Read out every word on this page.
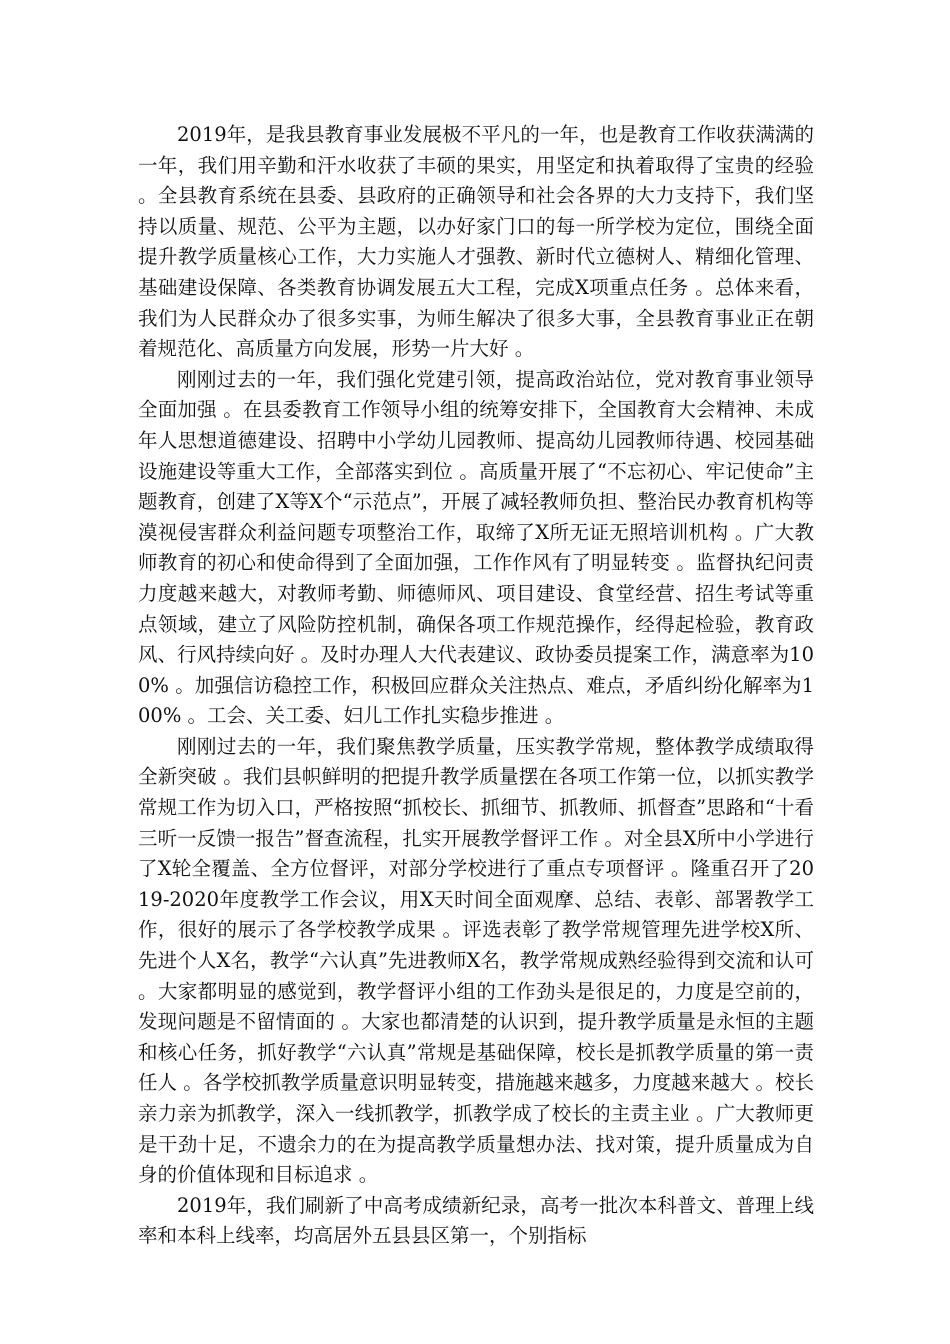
2019年，是我县教育事业发展极不平凡的一年，也是教育工作收获满满的一年，我们用辛勤和汗水收获了丰硕的果实，用坚定和执着取得了宝贵的经验 。全县教育系统在县委、县政府的正确领导和社会各界的大力支持下，我们坚持以质量、规范、公平为主题，以办好家门口的每一所学校为定位，围绕全面提升教学质量核心工作，大力实施人才强教、新时代立德树人、精细化管理、基础建设保障、各类教育协调发展五大工程，完成X项重点任务 。总体来看，我们为人民群众办了很多实事，为师生解决了很多大事，全县教育事业正在朝着规范化、高质量方向发展，形势一片大好 。

刚刚过去的一年，我们强化党建引领，提高政治站位，党对教育事业领导全面加强 。在县委教育工作领导小组的统筹安排下，全国教育大会精神、未成年人思想道德建设、招聘中小学幼儿园教师、提高幼儿园教师待遇、校园基础设施建设等重大工作，全部落实到位 。高质量开展了“不忘初心、牢记使命”主题教育，创建了X等X个“示范点”，开展了减轻教师负担、整治民办教育机构等漠视侵害群众利益问题专项整治工作，取缔了X所无证无照培训机构 。广大教师教育的初心和使命得到了全面加强，工作作风有了明显转变 。监督执纪问责力度越来越大，对教师考勤、师德师风、项目建设、食堂经营、招生考试等重点领域，建立了风险防控机制，确保各项工作规范操作，经得起检验，教育政风、行风持续向好 。及时办理人大代表建议、政协委员提案工作，满意率为100% 。加强信访稳控工作，积极回应群众关注热点、难点，矛盾纠纷化解率为100% 。工会、关工委、妇儿工作扎实稳步推进 。

刚刚过去的一年，我们聚焦教学质量，压实教学常规，整体教学成绩取得全新突破 。我们县帜鲜明的把提升教学质量摆在各项工作第一位，以抓实教学常规工作为切入口，严格按照“抓校长、抓细节、抓教师、抓督查”思路和“十看三听一反馈一报告”督查流程，扎实开展教学督评工作 。对全县X所中小学进行了X轮全覆盖、全方位督评，对部分学校进行了重点专项督评 。隆重召开了2019-2020年度教学工作会议，用X天时间全面观摩、总结、表彰、部署教学工作，很好的展示了各学校教学成果 。评选表彰了教学常规管理先进学校X所、先进个人X名，教学“六认真”先进教师X名，教学常规成熟经验得到交流和认可 。大家都明显的感觉到，教学督评小组的工作劲头是很足的，力度是空前的，发现问题是不留情面的 。大家也都清楚的认识到，提升教学质量是永恒的主题和核心任务，抓好教学“六认真”常规是基础保障，校长是抓教学质量的第一责任人 。各学校抓教学质量意识明显转变，措施越来越多，力度越来越大 。校长亲力亲为抓教学，深入一线抓教学，抓教学成了校长的主责主业 。广大教师更是干劲十足，不遗余力的在为提高教学质量想办法、找对策，提升质量成为自身的价值体现和目标追求 。

2019年，我们刷新了中高考成绩新纪录，高考一批次本科普文、普理上线率和本科上线率，均高居外五县县区第一，个别指标
